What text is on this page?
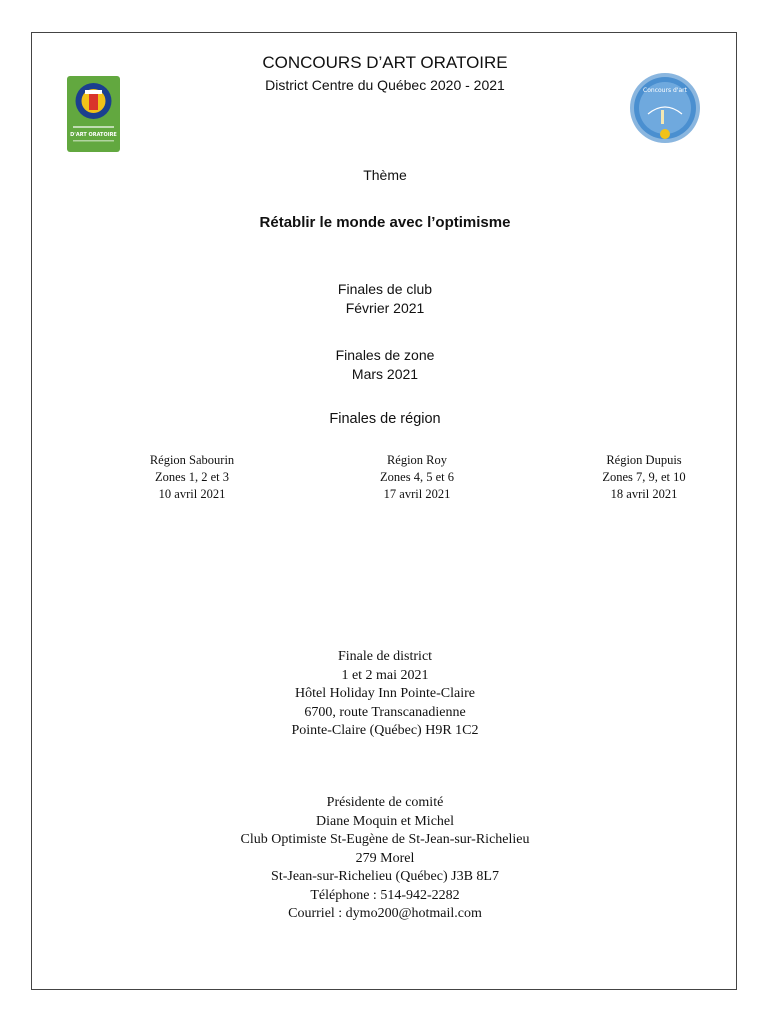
D'ART ORATOIRE
Concours d'art
CONCOURS D’ART ORATOIRE
District Centre du Québec 2020 - 2021
Thème
Rétablir le monde avec l’optimisme
Finales de club
Février 2021
Finales de zone
Mars 2021
Finales de région
Région Sabourin
Zones 1, 2 et 3
10 avril 2021
Région Roy
Zones 4, 5 et 6
17 avril 2021
Région Dupuis
Zones 7, 9, et 10
18 avril 2021
Finale de district
1 et 2 mai 2021
Hôtel Holiday Inn Pointe-Claire
6700, route Transcanadienne
Pointe-Claire (Québec) H9R 1C2
Présidente de comité
Diane Moquin et Michel
Club Optimiste St-Eugène de St-Jean-sur-Richelieu
279 Morel
St-Jean-sur-Richelieu (Québec) J3B 8L7
Téléphone : 514-942-2282
Courriel : dymo200@hotmail.com
